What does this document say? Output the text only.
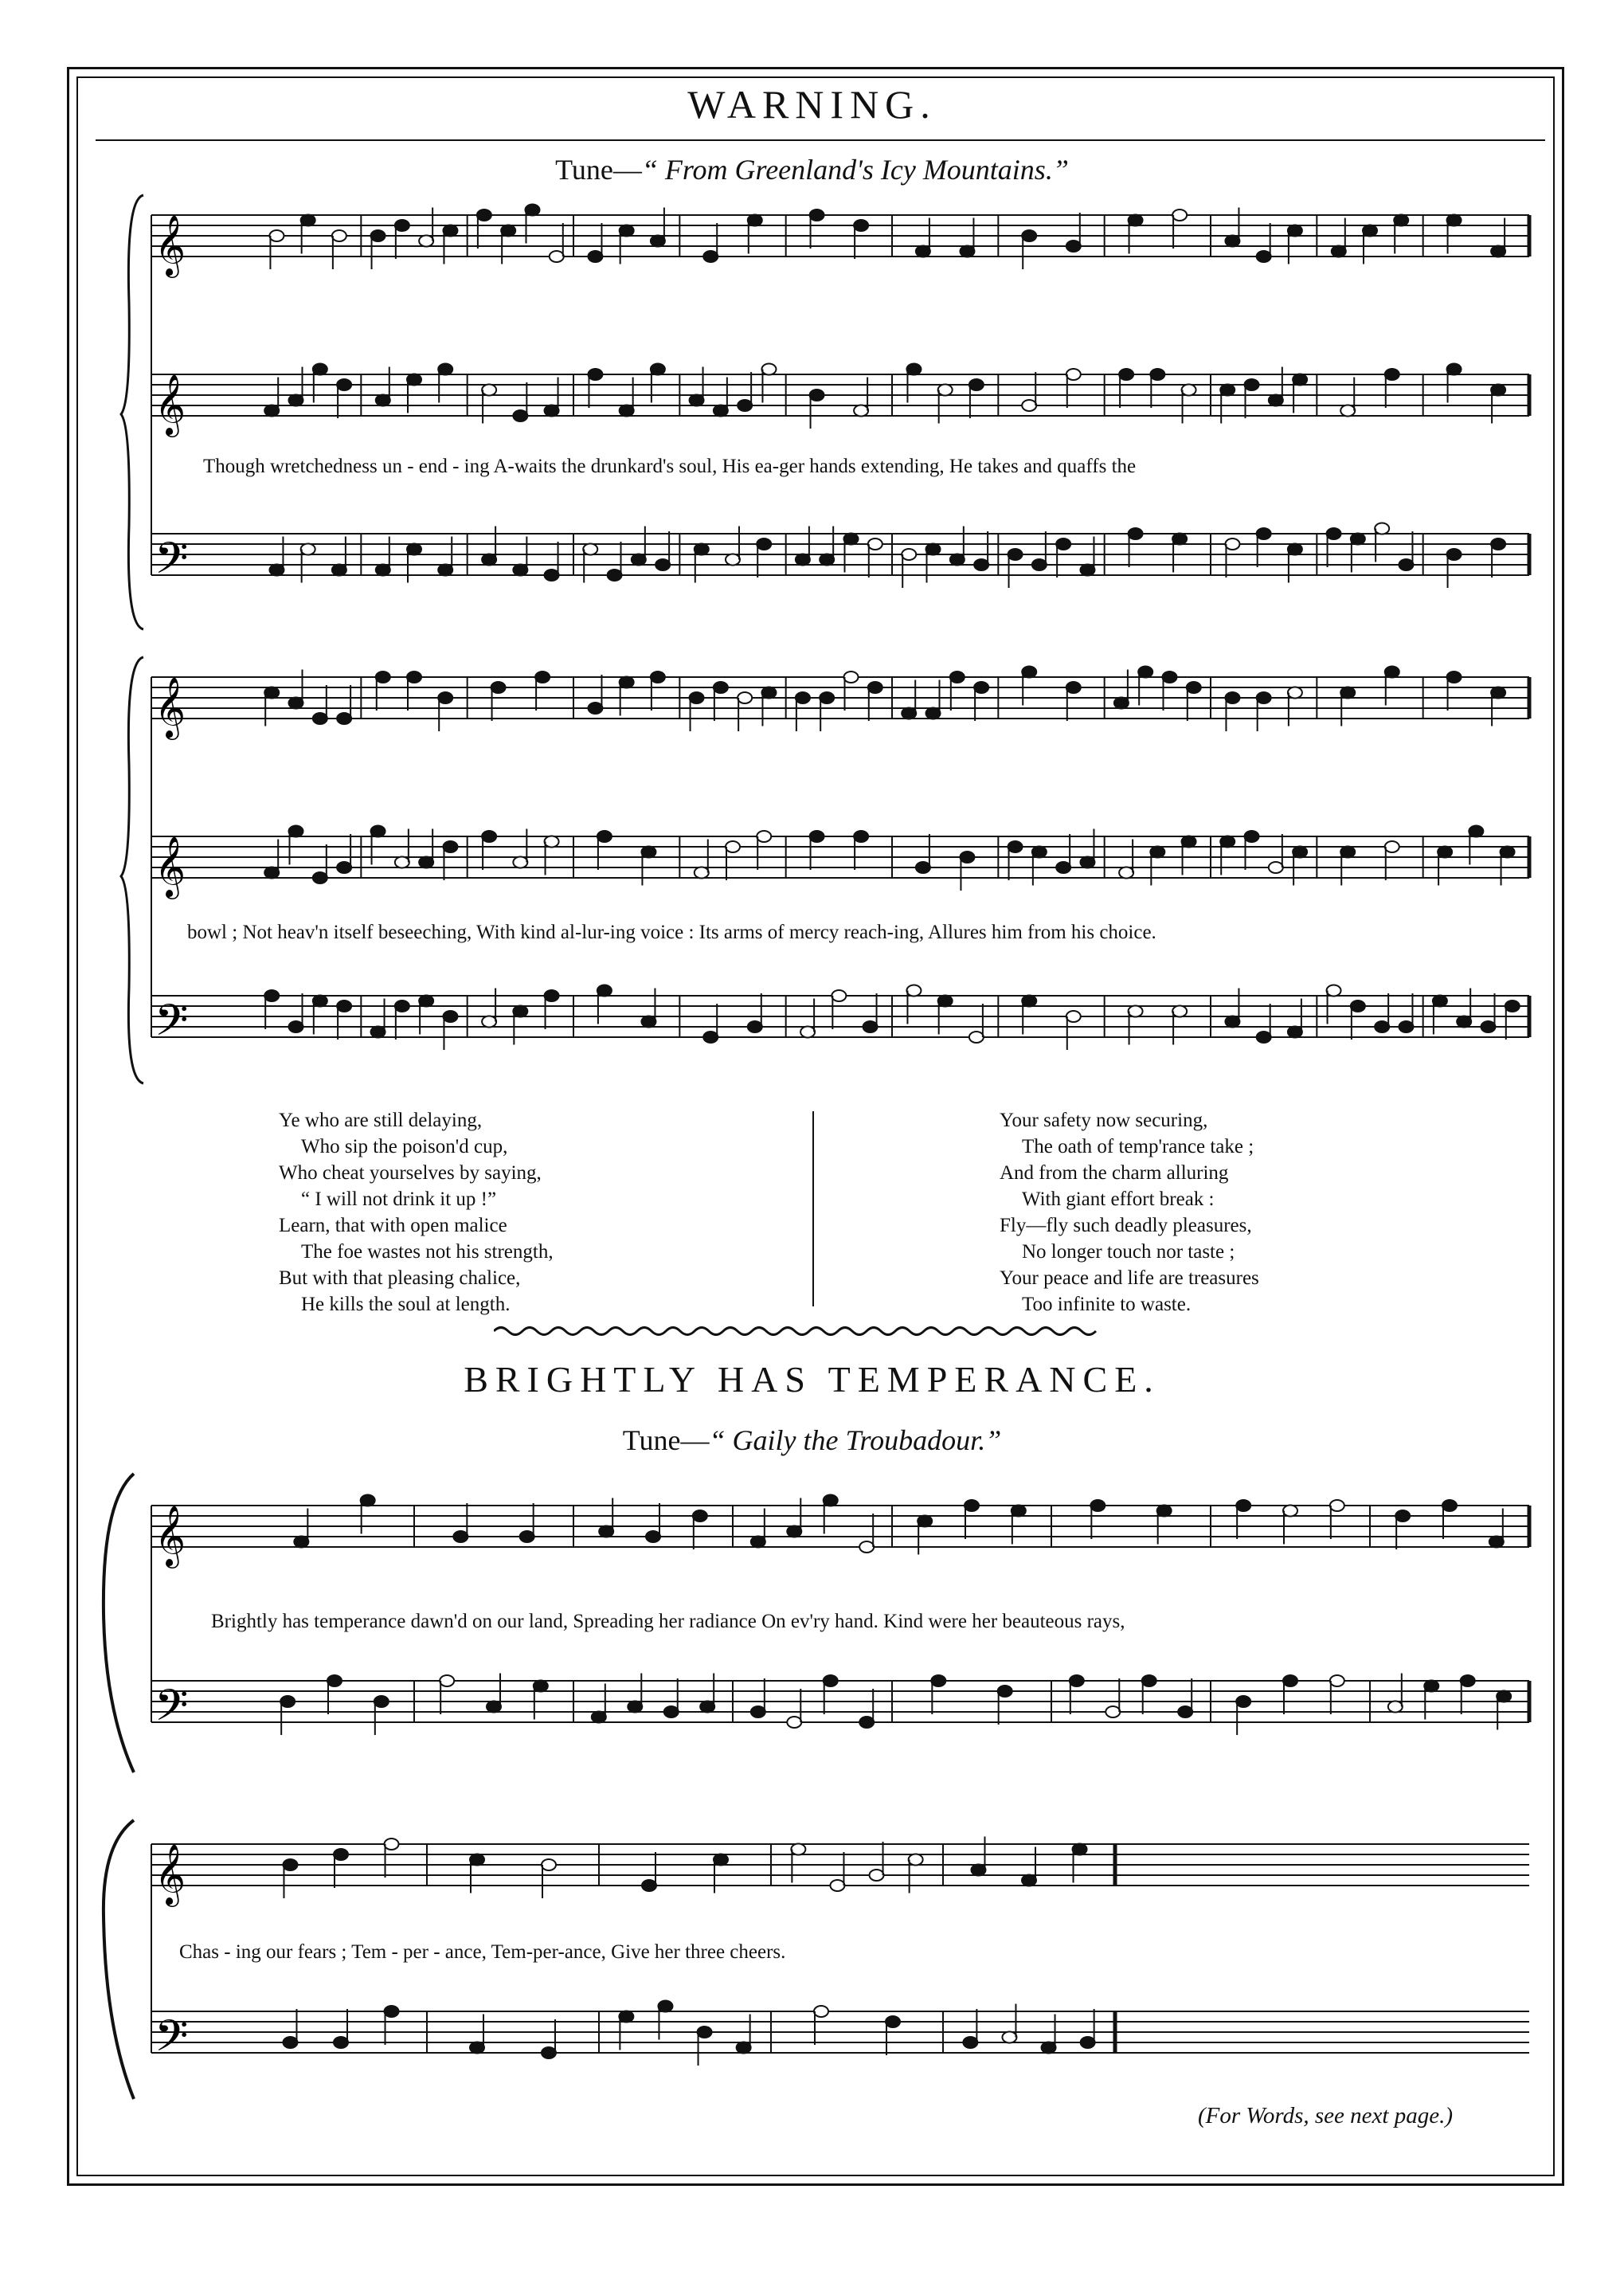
WARNING.
Tune—“ From Greenland's Icy Mountains.”
𝄞
𝄞
𝄢
Though wretchedness un - end - ing A-waits the drunkard's soul, His ea-ger hands extending, He takes and quaffs the
𝄞
𝄞
𝄢
bowl ; Not heav'n itself beseeching, With kind al-lur-ing voice : Its arms of mercy reach-ing, Allures him from his choice.
Ye who are still delaying,
Who sip the poison'd cup,
Who cheat yourselves by saying,
“ I will not drink it up !”
Learn, that with open malice
The foe wastes not his strength,
But with that pleasing chalice,
He kills the soul at length.
Your safety now securing,
The oath of temp'rance take ;
And from the charm alluring
With giant effort break :
Fly—fly such deadly pleasures,
No longer touch nor taste ;
Your peace and life are treasures
Too infinite to waste.
BRIGHTLY HAS TEMPERANCE.
Tune—“ Gaily the Troubadour.”
𝄞
𝄢
Brightly has temperance dawn'd on our land, Spreading her radiance On ev'ry hand. Kind were her beauteous rays,
𝄞
𝄢
Chas - ing our fears ; Tem - per - ance, Tem-per-ance, Give her three cheers.
(For Words, see next page.)
